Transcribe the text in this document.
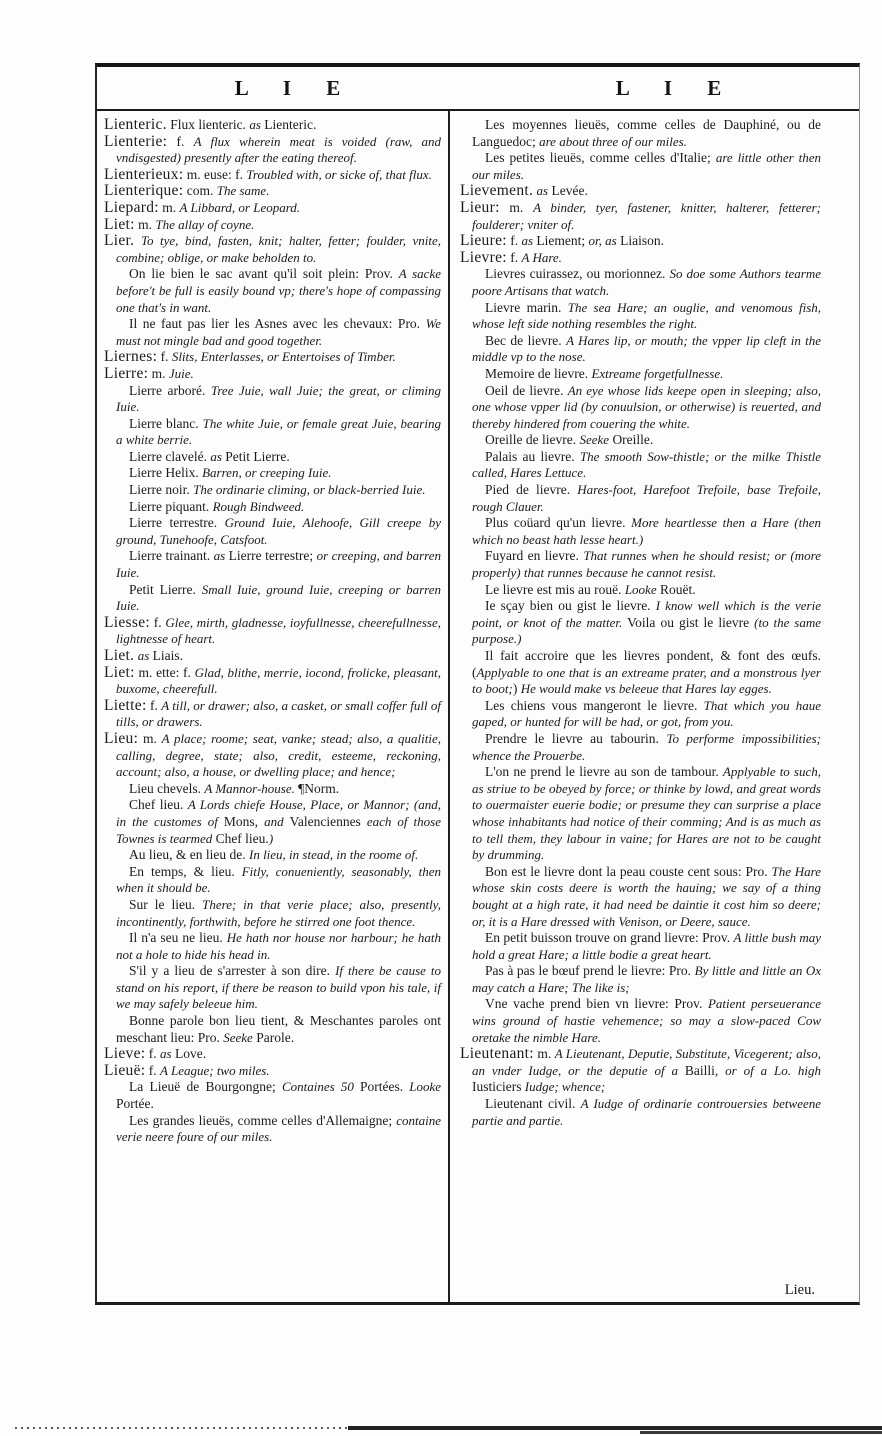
L I E	L I E
Lienteric. Flux lienteric. as Lienteric.
Lienterie: f. A flux wherein meat is voided (raw, and vndisgested) presently after the eating thereof.
Lienterieux: m. euse: f. Troubled with, or sicke of, that flux.
Lienterique: com. The same.
Liepard: m. A Libbard, or Leopard.
Liet: m. The allay of coyne.
Lier. To tye, bind, fasten, knit; halter, fetter; foulder, vnite, combine; oblige, or make beholden to.
On lie bien le sac avant qu'il soit plein: Prov. A sacke before't be full is easily bound vp; there's hope of compassing one that's in want.
Il ne faut pas lier les Asnes avec les chevaux: Pro. We must not mingle bad and good together.
Liernes: f. Slits, Enterlasses, or Entertoises of Timber.
Lierre: m. Juie.
Lierre arboré. Tree Juie, wall Juie; the great, or climing Iuie.
Lierre blanc. The white Juie, or female great Juie, bearing a white berrie.
Lierre clavelé. as Petit Lierre.
Lierre Helix. Barren, or creeping Iuie.
Lierre noir. The ordinarie climing, or black-berried Iuie.
Lierre piquant. Rough Bindweed.
Lierre terrestre. Ground Iuie, Alehoofe, Gill creepe by ground, Tunehoofe, Catsfoot.
Lierre trainant. as Lierre terrestre; or creeping, and barren Iuie.
Petit Lierre. Small Iuie, ground Iuie, creeping or barren Iuie.
Liesse: f. Glee, mirth, gladnesse, ioyfullnesse, cheerefullnesse, lightnesse of heart.
Liet. as Liais.
Liet: m. ette: f. Glad, blithe, merrie, iocond, frolicke, pleasant, buxome, cheerefull.
Liette: f. A till, or drawer; also, a casket, or small coffer full of tills, or drawers.
Lieu: m. A place; roome; seat, vanke; stead; also, a qualitie, calling, degree, state; also, credit, esteeme, reckoning, account; also, a house, or dwelling place; and hence;
Lieu chevels. A Mannor-house. ¶Norm.
Chef lieu. A Lords chiefe House, Place, or Mannor; (and, in the customes of Mons, and Valenciennes each of those Townes is tearmed Chef lieu.)
Au lieu, & en lieu de. In lieu, in stead, in the roome of.
En temps, & lieu. Fitly, conueniently, seasonably, then when it should be.
Sur le lieu. There; in that verie place; also, presently, incontinently, forthwith, before he stirred one foot thence.
Il n'a seu ne lieu. He hath nor house nor harbour; he hath not a hole to hide his head in.
S'il y a lieu de s'arrester à son dire. If there be cause to stand on his report, if there be reason to build vpon his tale, if we may safely beleeue him.
Bonne parole bon lieu tient, & Meschantes paroles ont meschant lieu: Pro. Seeke Parole.
Lieve: f. as Love.
Lieuë: f. A League; two miles.
La Lieuë de Bourgongne; Containes 50 Portées. Looke Portée.
Les grandes lieuës, comme celles d'Allemaigne; containe verie neere foure of our miles.
Les moyennes lieuës, comme celles de Dauphiné, ou de Languedoc; are about three of our miles.
Les petites lieuës, comme celles d'Italie; are little other then our miles.
Lievement. as Levée.
Lieur: m. A binder, tyer, fastener, knitter, halterer, fetterer; foulderer; vniter of.
Lieure: f. as Liement; or, as Liaison.
Lievre: f. A Hare.
Lievres cuirassez, ou morionnez. So doe some Authors tearme poore Artisans that watch.
Lievre marin. The sea Hare; an ouglie, and venomous fish, whose left side nothing resembles the right.
Bec de lievre. A Hares lip, or mouth; the vpper lip cleft in the middle vp to the nose.
Memoire de lievre. Extreame forgetfullnesse.
Oeil de lievre. An eye whose lids keepe open in sleeping; also, one whose vpper lid (by conuulsion, or otherwise) is reuerted, and thereby hindered from couering the white.
Oreille de lievre. Seeke Oreille.
Palais au lievre. The smooth Sow-thistle; or the milke Thistle called, Hares Lettuce.
Pied de lievre. Hares-foot, Harefoot Trefoile, base Trefoile, rough Clauer.
Plus coüard qu'un lievre. More heartlesse then a Hare (then which no beast hath lesse heart.)
Fuyard en lievre. That runnes when he should resist; or (more properly) that runnes because he cannot resist.
Le lievre est mis au rouë. Looke Rouët.
Ie sçay bien ou gist le lievre. I know well which is the verie point, or knot of the matter. Voila ou gist le lievre (to the same purpose.)
Il fait accroire que les lievres pondent, & font des œufs. (Applyable to one that is an extreame prater, and a monstrous lyer to boot;) He would make vs beleeue that Hares lay egges.
Les chiens vous mangeront le lievre. That which you haue gaped, or hunted for will be had, or got, from you.
Prendre le lievre au tabourin. To performe impossibilities; whence the Prouerbe.
L'on ne prend le lievre au son de tambour. Applyable to such, as striue to be obeyed by force; or thinke by lowd, and great words to ouermaister euerie bodie; or presume they can surprise a place whose inhabitants had notice of their comming; And is as much as to tell them, they labour in vaine; for Hares are not to be caught by drumming.
Bon est le lievre dont la peau couste cent sous: Pro. The Hare whose skin costs deere is worth the hauing; we say of a thing bought at a high rate, it had need be daintie it cost him so deere; or, it is a Hare dressed with Venison, or Deere, sauce.
En petit buisson trouve on grand lievre: Prov. A little bush may hold a great Hare; a little bodie a great heart.
Pas à pas le bœuf prend le lievre: Pro. By little and little an Ox may catch a Hare; The like is;
Vne vache prend bien vn lievre: Prov. Patient perseuerance wins ground of hastie vehemence; so may a slow-paced Cow oretake the nimble Hare.
Lieutenant: m. A Lieutenant, Deputie, Substitute, Vicegerent; also, an vnder Iudge, or the deputie of a Bailli, or of a Lo. high Iusticiers Iudge; whence;
Lieutenant civil. A Iudge of ordinarie controuersies betweene partie and partie.
Lieu.
